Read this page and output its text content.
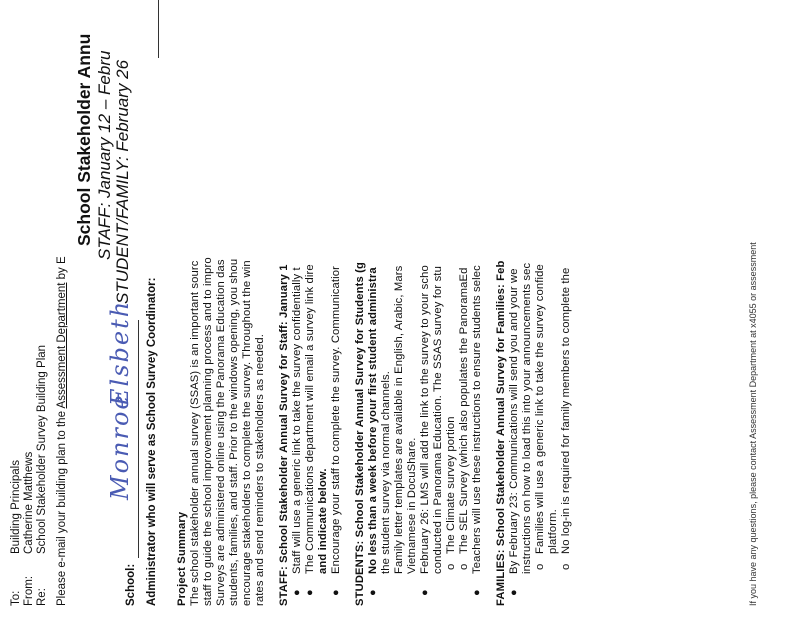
To:
Building Principals
From:
Catherine Matthews
Re:
School Stakeholder Survey Building Plan Please e-mail your building plan to the Assessment Department by E
School Stakeholder Annu STAFF: January 12 – Febru STUDENT/FAMILY: February 26
School:
Monroe
Elsbeth Administrator who will serve as School Survey Coordinator: Project Summary The school stakeholder annual survey (SSAS) is an important sourc staff to guide the school improvement planning process and to impro Surveys are administered online using the Panorama Education das students, families, and staff. Prior to the windows opening, you shou encourage stakeholders to complete the survey. Throughout the win rates and send reminders to stakeholders as needed. STAFF: School Stakeholder Annual Survey for Staff: January 1 ●
Staff will use a generic link to take the survey confidentially t
●
The Communications department will email a survey link dire and indicate below.
●
Encourage your staff to complete the survey. Communicatior STUDENTS: School Stakeholder Annual Survey for Students (g ●
No less than a week before your first student administra the student survey via normal channels. Family letter templates are available in English, Arabic, Mars Vietnamese in DocuShare.
●
February 26: LMS will add the link to the survey to your scho conducted in Panorama Education. The SSAS survey for stu o
The Climate survey portion
o
The SEL Survey (which also populates the PanoramaEd
●
Teachers will use these instructions to ensure students selec FAMILIES: School Stakeholder Annual Survey for Families: Feb ●
By February 23: Communications will send you and your we instructions on how to load this into your announcements sec o
Families will use a generic link to take the survey confide platform.
o
No log-in is required for family members to complete the	If you have any questions, please contact Assessment Department at x4055 or assessment
